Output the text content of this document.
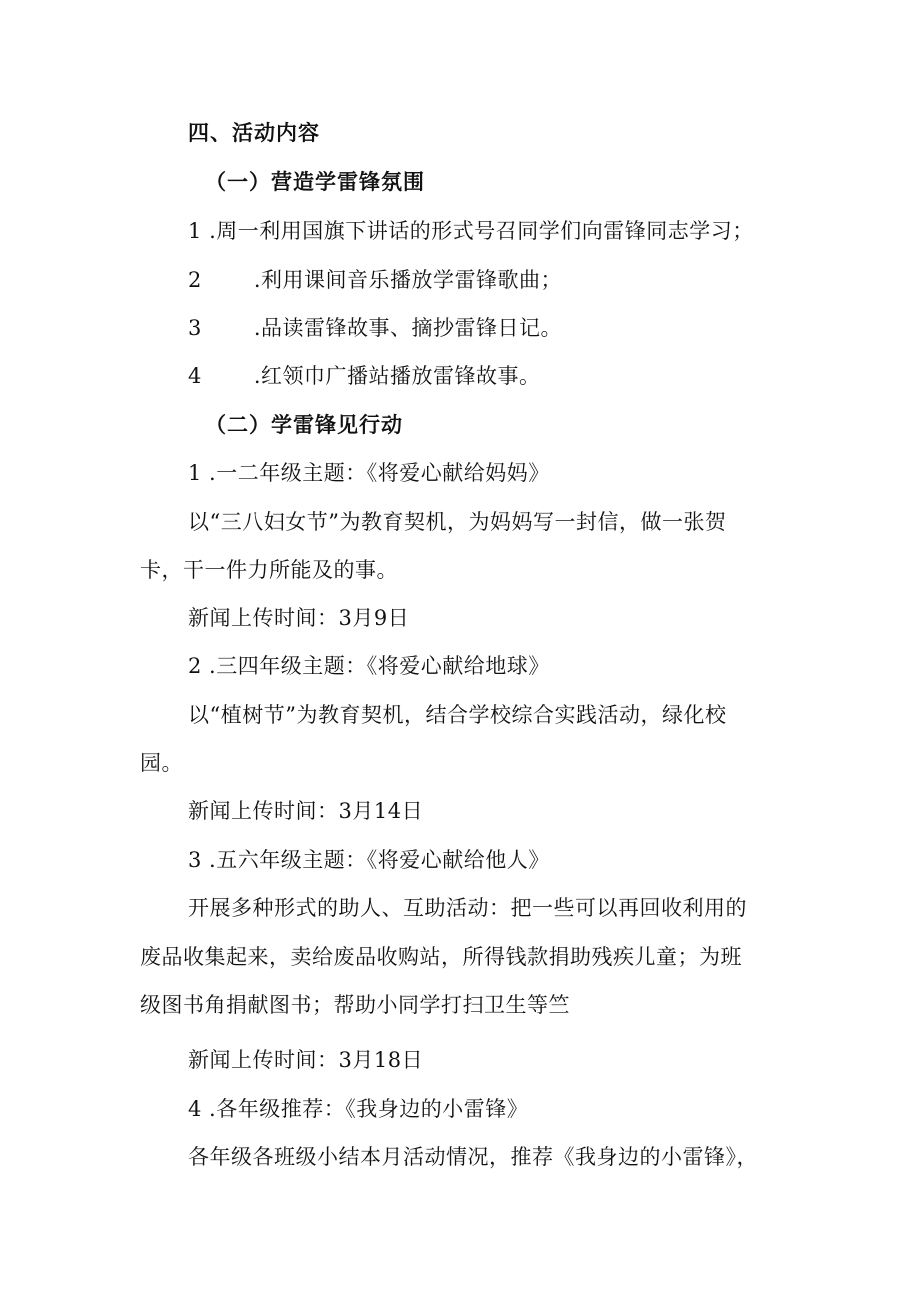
四、活动内容
（一）营造学雷锋氛围
1 .周一利用国旗下讲话的形式号召同学们向雷锋同志学习；
2 .利用课间音乐播放学雷锋歌曲；
3 .品读雷锋故事、摘抄雷锋日记。
4 .红领巾广播站播放雷锋故事。
（二）学雷锋见行动
1 .一二年级主题：《将爱心献给妈妈》
以“三八妇女节”为教育契机，为妈妈写一封信，做一张贺
卡，干一件力所能及的事。
新闻上传时间：3月9日
2 .三四年级主题：《将爱心献给地球》
以“植树节”为教育契机，结合学校综合实践活动，绿化校
园。
新闻上传时间：3月14日
3 .五六年级主题：《将爱心献给他人》
开展多种形式的助人、互助活动：把一些可以再回收利用的
废品收集起来，卖给废品收购站，所得钱款捐助残疾儿童；为班
级图书角捐献图书；帮助小同学打扫卫生等竺
新闻上传时间：3月18日
4 .各年级推荐：《我身边的小雷锋》
各年级各班级小结本月活动情况，推荐《我身边的小雷锋》，
